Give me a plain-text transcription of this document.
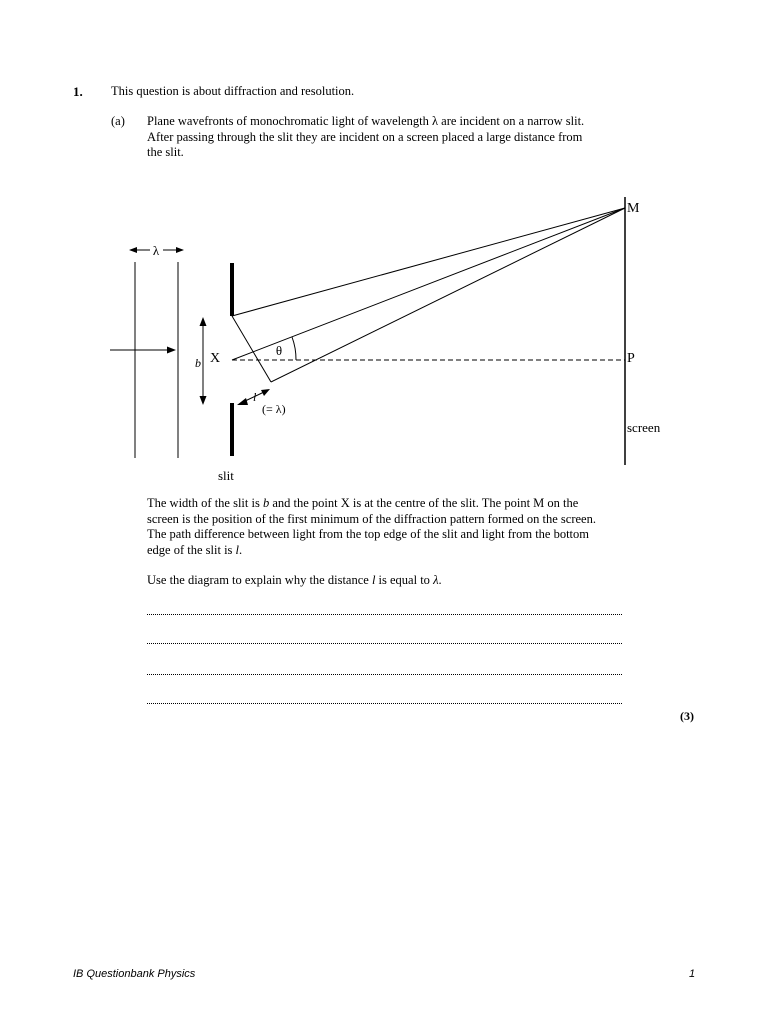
1. This question is about diffraction and resolution.
(a) Plane wavefronts of monochromatic light of wavelength λ are incident on a narrow slit.
After passing through the slit they are incident on a screen placed a large distance from
the slit.
λ
b X
θ
l
(= λ)
M
P
screen
slit
The width of the slit is b and the point X is at the centre of the slit. The point M on the
screen is the position of the first minimum of the diffraction pattern formed on the screen.
The path difference between light from the top edge of the slit and light from the bottom
edge of the slit is l.
Use the diagram to explain why the distance l is equal to λ.
(3)
IB Questionbank Physics	1
